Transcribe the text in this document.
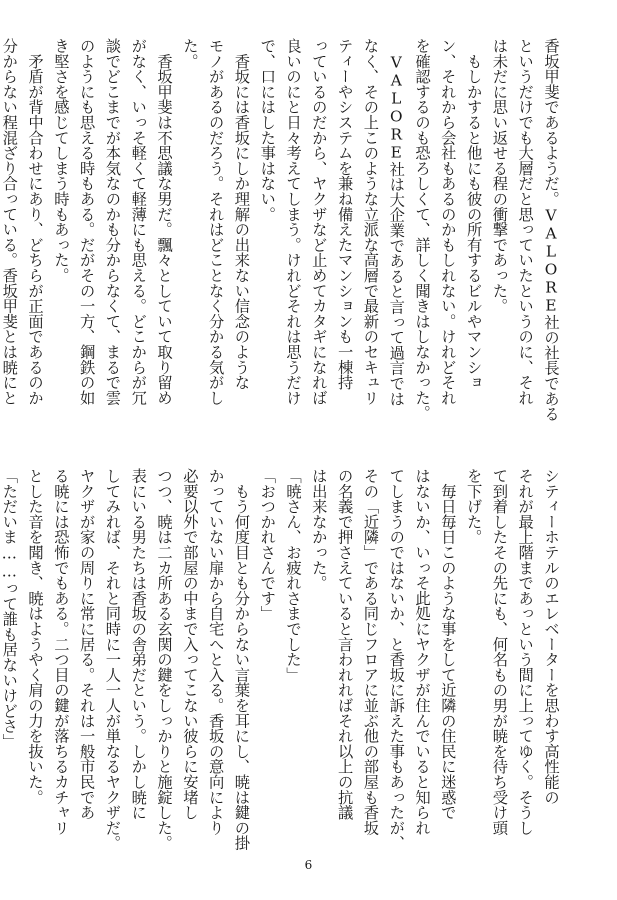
香坂甲斐であるようだ。VALORE社の社長である
というだけでも大層だと思っていたというのに、それ
は未だに思い返せる程の衝撃であった。
　もしかすると他にも彼の所有するビルやマンショ
ン、それから会社もあるのかもしれない。けれどそれ
を確認するのも恐ろしくて、詳しく聞きはしなかった。
　VALORE社は大企業であると言って過言では
なく、その上このような立派な高層で最新のセキュリ
ティーやシステムを兼ね備えたマンションも一棟持
っているのだから、ヤクザなど止めてカタギになれば
良いのにと日々考えてしまう。けれどそれは思うだけ
で、口にはした事はない。
　香坂には香坂にしか理解の出来ない信念のような
モノがあるのだろう。それはどことなく分かる気がし
た。
　香坂甲斐は不思議な男だ。飄々としていて取り留め
がなく、いっそ軽くて軽薄にも思える。どこからが冗
談でどこまでが本気なのかも分からなくて、まるで雲
のようにも思える時もある。だがその一方、鋼鉄の如
き堅さを感じてしまう時もあった。
　矛盾が背中合わせにあり、どちらが正面であるのか
分からない程混ざり合っている。香坂甲斐とは暁にと
シティーホテルのエレベーターを思わす高性能の
それが最上階まであっという間に上ってゆく。そうし
て到着したその先にも、何名もの男が暁を待ち受け頭
を下げた。
　毎日毎日このような事をして近隣の住民に迷惑で
はないか、いっそ此処にヤクザが住んでいると知られ
てしまうのではないか、と香坂に訴えた事もあったが、
その「近隣」である同じフロアに並ぶ他の部屋も香坂
の名義で押さえていると言われればそれ以上の抗議
は出来なかった。
「暁さん、お疲れさまでした」
「おつかれさんです」
　もう何度目とも分からない言葉を耳にし、暁は鍵の掛
かっていない扉から自宅へと入る。香坂の意向により
必要以外で部屋の中まで入ってこない彼らに安堵し
つつ、暁は二カ所ある玄関の鍵をしっかりと施錠した。
表にいる男たちは香坂の舎弟だという。しかし暁に
してみれば、それと同時に一人一人が単なるヤクザだ。
ヤクザが家の周りに常に居る。それは一般市民であ
る暁には恐怖でもある。二つ目の鍵が落ちるカチャリ
とした音を聞き、暁はようやく肩の力を抜いた。
「ただいま……って誰も居ないけどさ」
6
